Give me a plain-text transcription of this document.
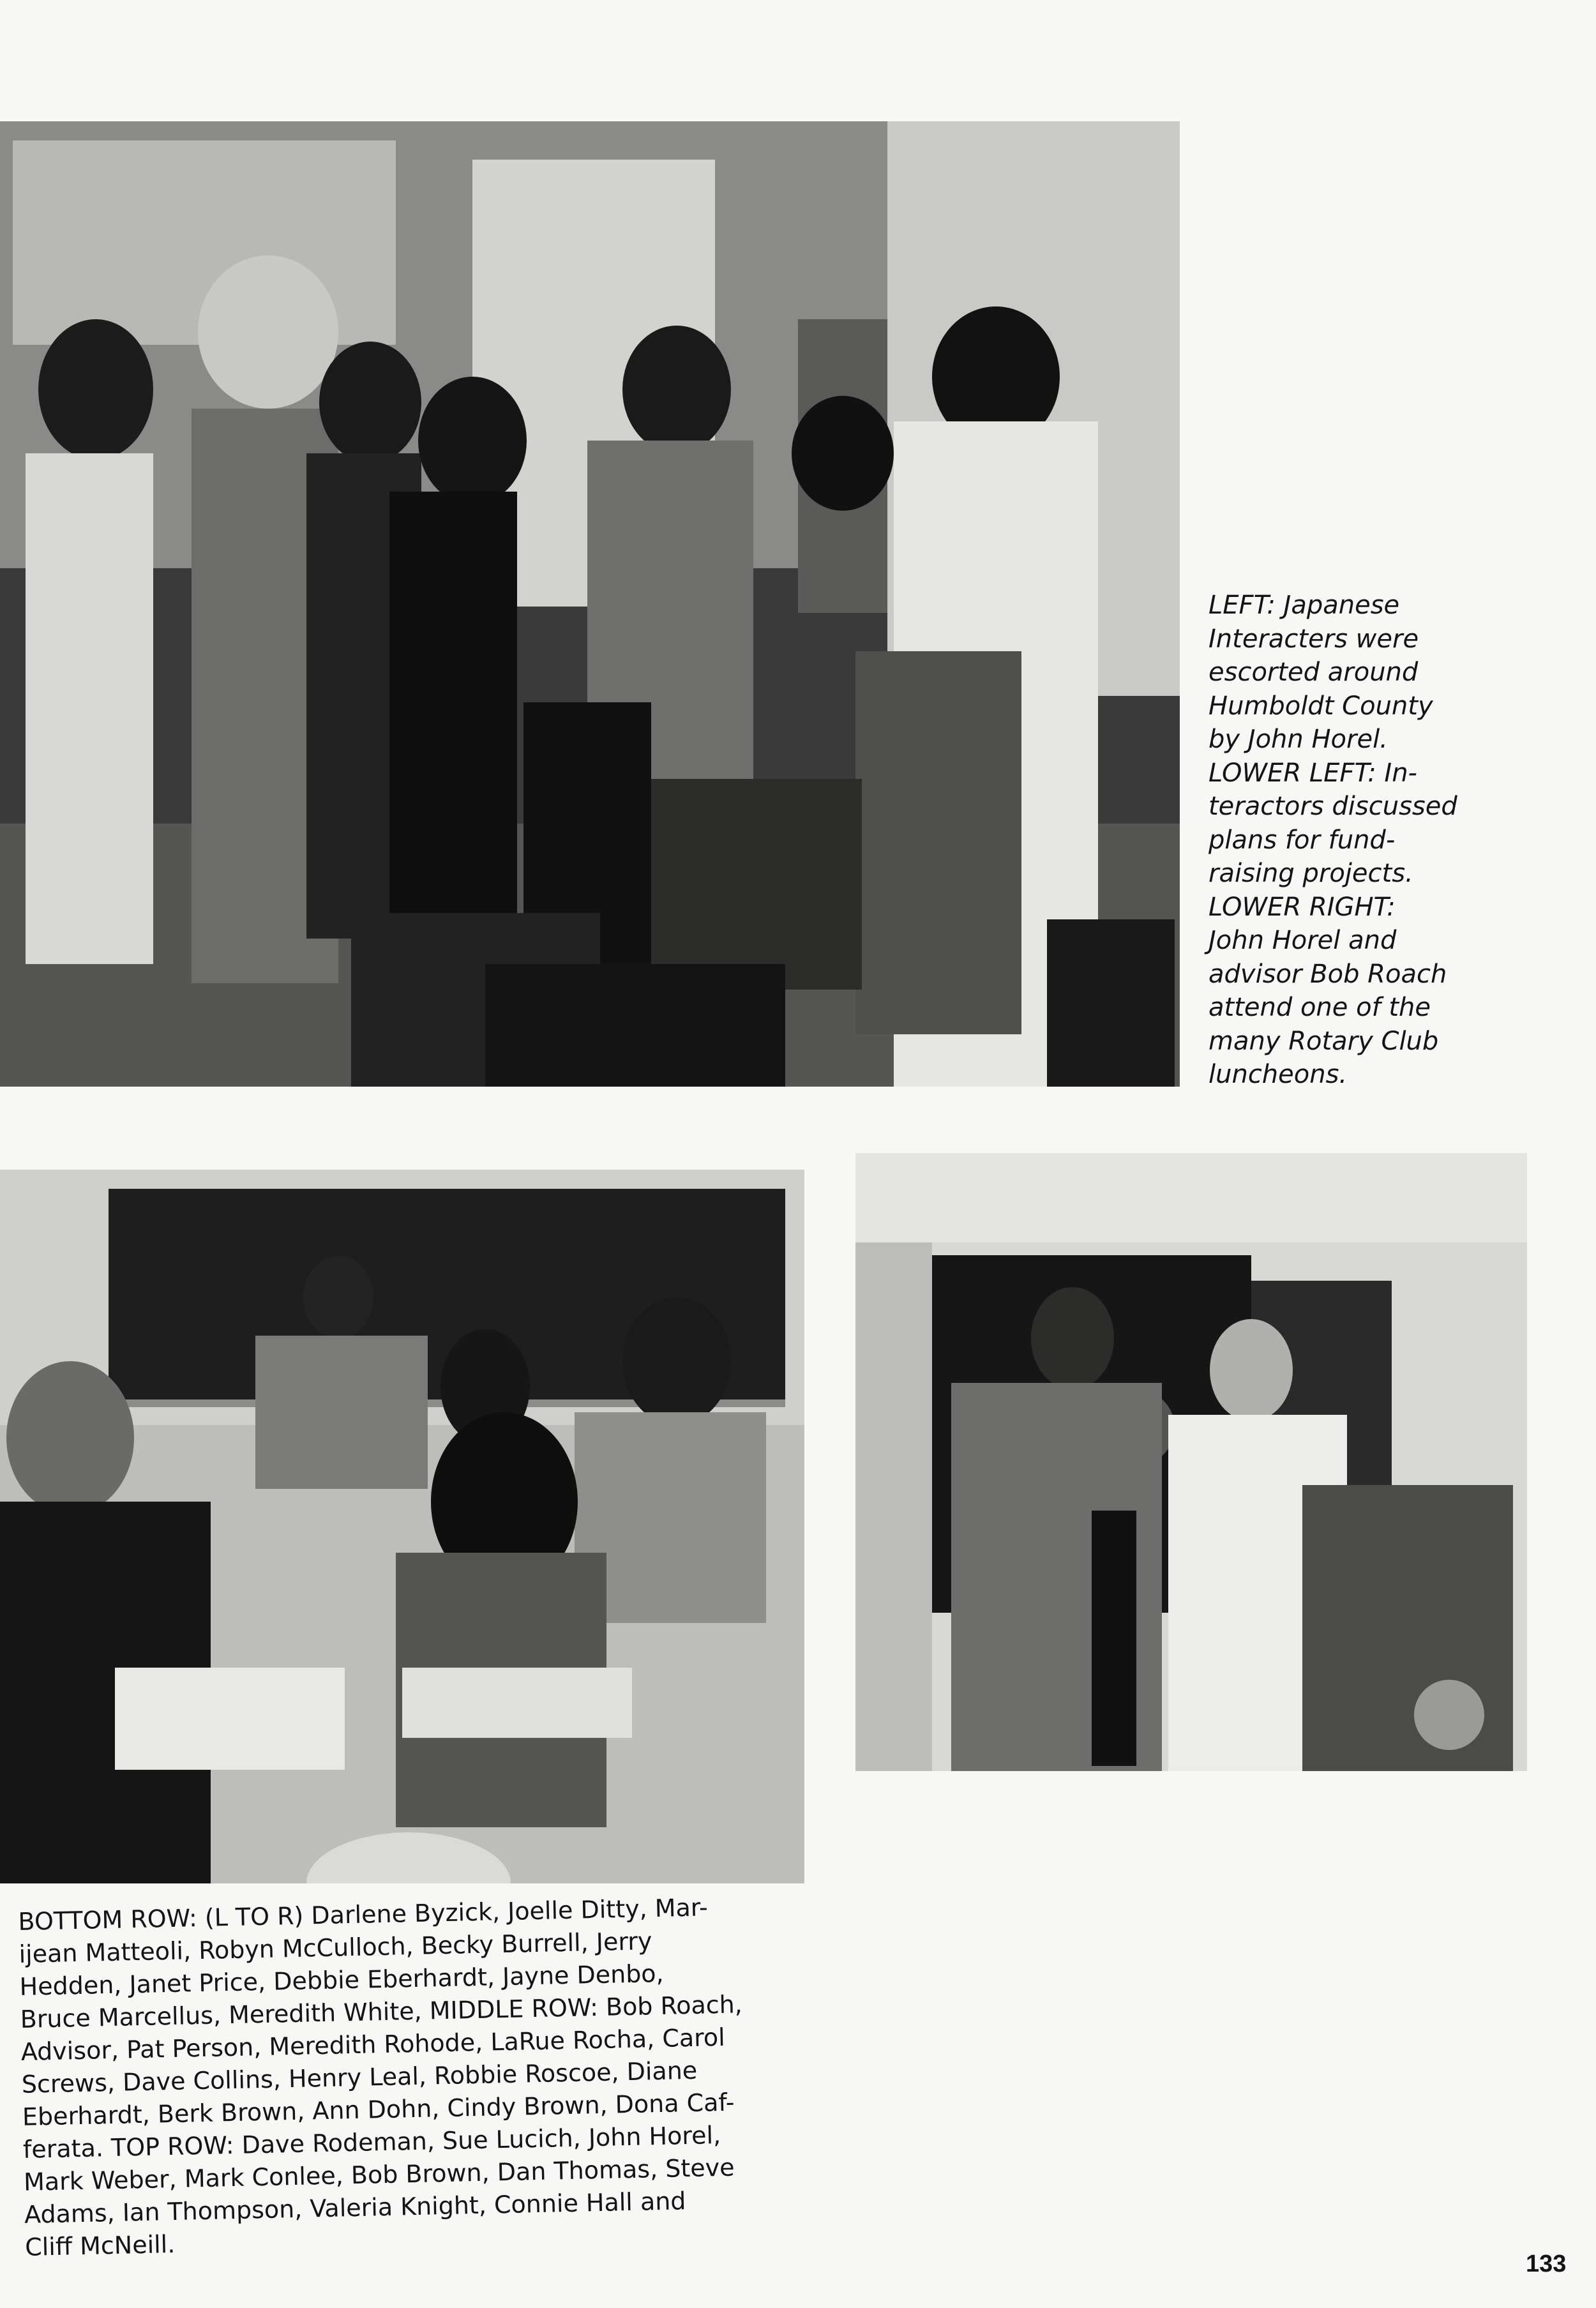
LEFT: Japanese
Interacters were
escorted around
Humboldt County
by John Horel.
LOWER LEFT: In-
teractors discussed
plans for fund-
raising projects.
LOWER RIGHT:
John Horel and
advisor Bob Roach
attend one of the
many Rotary Club
luncheons.
BOTTOM ROW: (L TO R) Darlene Byzick, Joelle Ditty, Mar-
ijean Matteoli, Robyn McCulloch, Becky Burrell, Jerry
Hedden, Janet Price, Debbie Eberhardt, Jayne Denbo,
Bruce Marcellus, Meredith White, MIDDLE ROW: Bob Roach,
Advisor, Pat Person, Meredith Rohode, LaRue Rocha, Carol
Screws, Dave Collins, Henry Leal, Robbie Roscoe, Diane
Eberhardt, Berk Brown, Ann Dohn, Cindy Brown, Dona Caf-
ferata. TOP ROW: Dave Rodeman, Sue Lucich, John Horel,
Mark Weber, Mark Conlee, Bob Brown, Dan Thomas, Steve
Adams, Ian Thompson, Valeria Knight, Connie Hall and
Cliff McNeill.
133
